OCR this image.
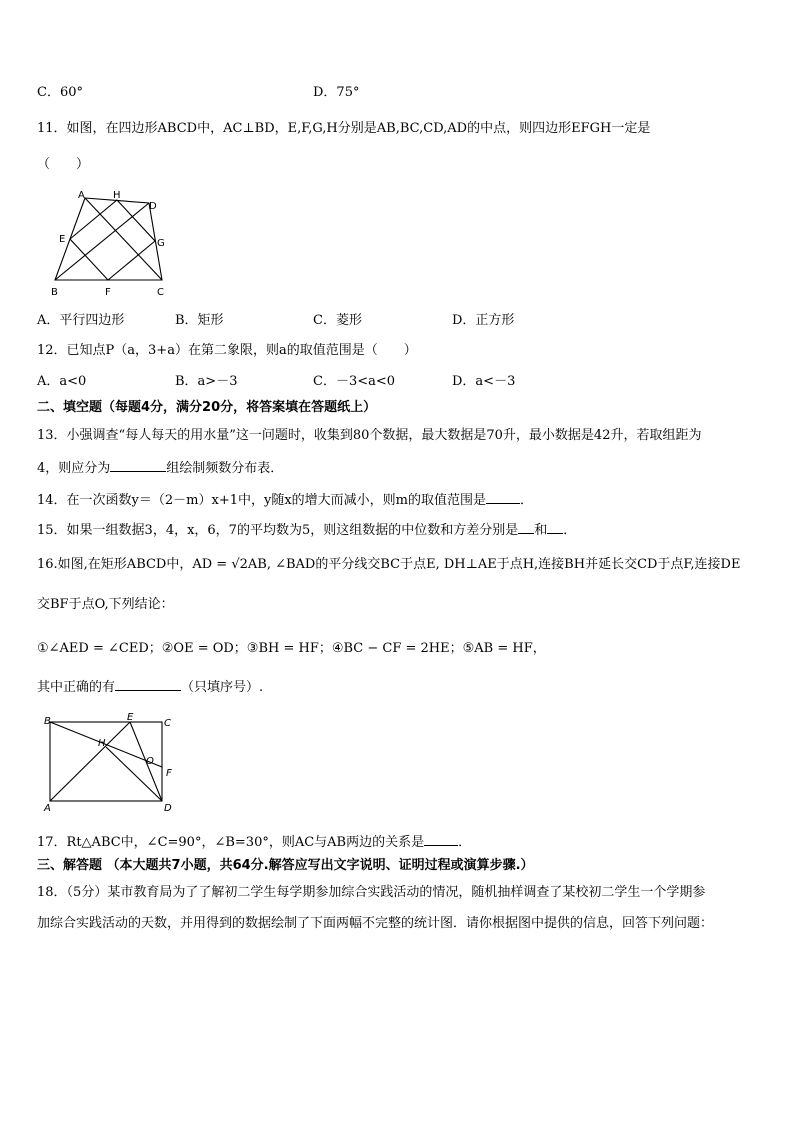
C．60°	D．75°
11．如图，在四边形ABCD中，AC⊥BD，E,F,G,H分别是AB,BC,CD,AD的中点，则四边形EFGH一定是
（　　）
A	H
D
E	G
B	F	C
A．平行四边形	B．矩形	C．菱形	D．正方形
12．已知点P（a，3+a）在第二象限，则a的取值范围是（　　）
A．a<0	B．a>－3	C．－3<a<0	D．a<－3
二、填空题（每题4分，满分20分，将答案填在答题纸上）
13．小强调查“每人每天的用水量”这一问题时，收集到80个数据，最大数据是70升，最小数据是42升，若取组距为
4，则应分为	组绘制频数分布表．
14．在一次函数y＝（2－m）x+1中，y随x的增大而减小，则m的取值范围是	．
15．如果一组数据3，4，x，6，7的平均数为5，则这组数据的中位数和方差分别是 和 ．
16.如图,在矩形ABCD中，AD = √2AB, ∠BAD的平分线交BC于点E, DH⊥AE于点H,连接BH并延长交CD于点F,连接DE
交BF于点O,下列结论：
①∠AED = ∠CED；②OE = OD；③BH = HF；④BC − CF = 2HE；⑤AB = HF，
其中正确的有	（只填序号）.
B	E
C
H
O
F
A	D
17．Rt△ABC中，∠C=90°，∠B=30°，则AC与AB两边的关系是	．
三、解答题 （本大题共7小题，共64分.解答应写出文字说明、证明过程或演算步骤.）
18．（5分）某市教育局为了了解初二学生每学期参加综合实践活动的情况，随机抽样调查了某校初二学生一个学期参
加综合实践活动的天数，并用得到的数据绘制了下面两幅不完整的统计图．请你根据图中提供的信息，回答下列问题：
